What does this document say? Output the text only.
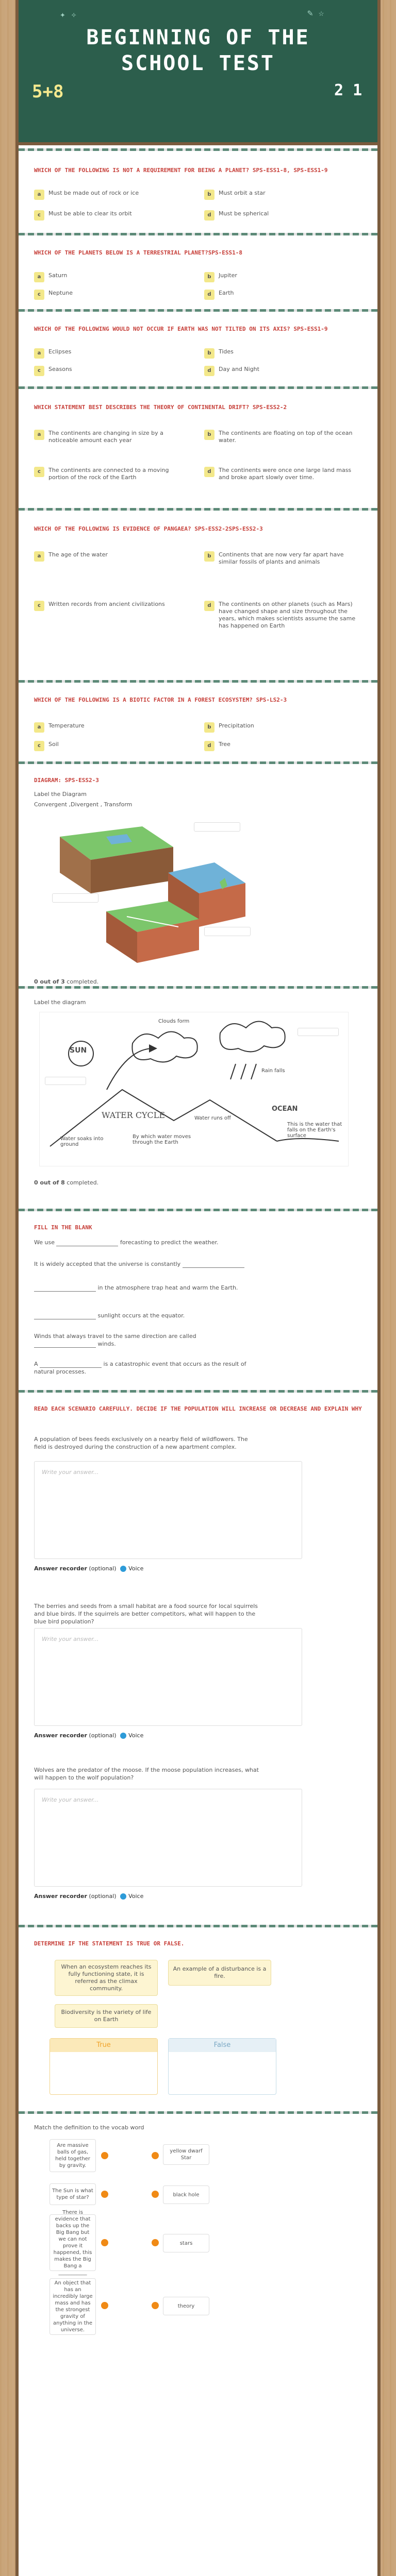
BEGINNING OF THE
SCHOOL TEST
5+8	2 1
✎ ☆
✦ ✧
WHICH OF THE FOLLOWING IS NOT A REQUIREMENT FOR BEING A PLANET? SPS-ESS1-8, SPS-ESS1-9
a	Must be made out of rock or ice	b	Must orbit a star
c	Must be able to clear its orbit	d	Must be spherical
WHICH OF THE PLANETS BELOW IS A TERRESTRIAL PLANET?SPS-ESS1-8
a	Saturn	b	Jupiter
c	Neptune	d	Earth
WHICH OF THE FOLLOWING WOULD NOT OCCUR IF EARTH WAS NOT TILTED ON ITS AXIS? SPS-ESS1-9
a	Eclipses	b	Tides
c	Seasons	d	Day and Night
WHICH STATEMENT BEST DESCRIBES THE THEORY OF CONTINENTAL DRIFT? SPS-ESS2-2
a	The continents are changing in size by a noticeable amount each year
b	The continents are floating on top of the ocean water.
c	The continents are connected to a moving portion of the rock of the Earth
d	The continents were once one large land mass and broke apart slowly over time.
WHICH OF THE FOLLOWING IS EVIDENCE OF PANGAEA? SPS-ESS2-2SPS-ESS2-3
a	The age of the water	b	Continents that are now very far apart have similar fossils of plants and animals
c	Written records from ancient civilizations	d	The continents on other planets (such as Mars) have changed shape and size throughout the years, which makes scientists assume the same has happened on Earth
WHICH OF THE FOLLOWING IS A BIOTIC FACTOR IN A FOREST ECOSYSTEM? SPS-LS2-3
a	Temperature	b	Precipitation
c	Soil	d	Tree
DIAGRAM: SPS-ESS2-3
Label the Diagram
Convergent ,Divergent , Transform
0 out of 3 completed.
Label the diagram
SUN
WATER CYCLE
OCEAN
Clouds form
Rain falls
Water runs off
Water soaks into ground
By which water moves through the Earth
This is the water that falls on the Earth's surface
0 out of 8 completed.
FILL IN THE BLANK
We use	forecasting to predict the weather.
It is widely accepted that the universe is constantly
in the atmosphere trap heat and warm the Earth.
sunlight occurs at the equator.
Winds that always travel to the same direction are called  winds.
A	is a catastrophic event that occurs as the result of natural processes.
READ EACH SCENARIO CAREFULLY. DECIDE IF THE POPULATION WILL INCREASE OR DECREASE AND EXPLAIN WHY
A population of bees feeds exclusively on a nearby field of wildflowers. The field is destroyed during the construction of a new apartment complex.
Write your answer...
Answer recorder (optional) Voice
The berries and seeds from a small habitat are a food source for local squirrels and blue birds. If the squirrels are better competitors, what will happen to the blue bird population?
Write your answer...
Answer recorder (optional) Voice
Wolves are the predator of the moose. If the moose population increases, what will happen to the wolf population?
Write your answer...
Answer recorder (optional) Voice
DETERMINE IF THE STATEMENT IS TRUE OR FALSE.
When an ecosystem reaches its fully functioning state, it is referred as the climax community.
An example of a disturbance is a fire.
Biodiversity is the variety of life on Earth
True	False
Match the definition to the vocab word
Are massive balls of gas, held together by gravity.
yellow dwarf Star
The Sun is what type of star?	black hole
There is evidence that backs up the Big Bang but we can not prove it happened, this makes the Big Bang a ___________
stars
An object that has an incredibly large mass and has the strongest gravity of anything in the universe.
theory
